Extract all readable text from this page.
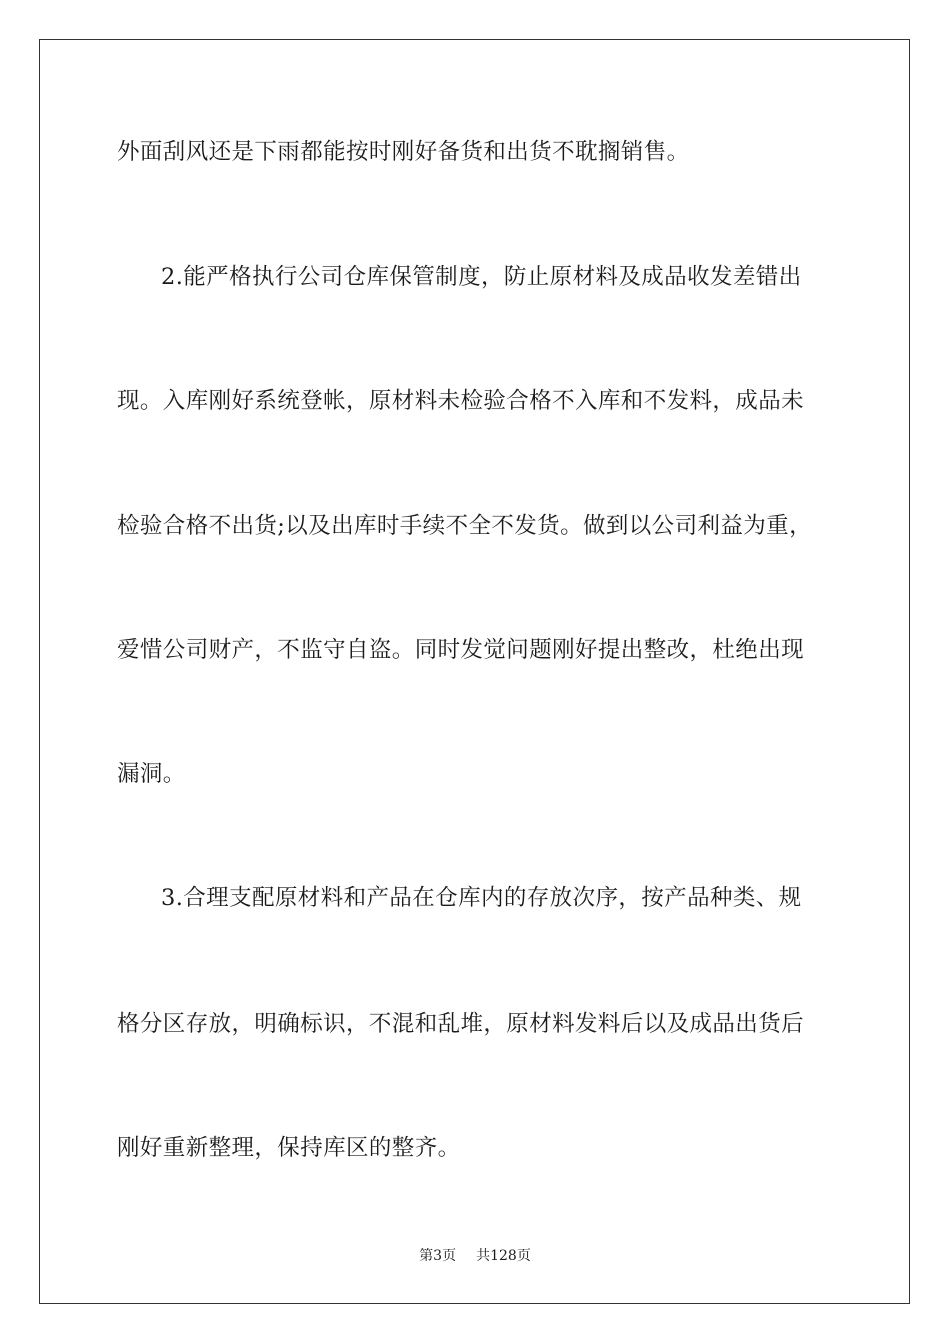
外面刮风还是下雨都能按时刚好备货和出货不耽搁销售。
2.能严格执行公司仓库保管制度，防止原材料及成品收发差错出
现。入库刚好系统登帐，原材料未检验合格不入库和不发料，成品未
检验合格不出货;以及出库时手续不全不发货。做到以公司利益为重，
爱惜公司财产，不监守自盗。同时发觉问题刚好提出整改，杜绝出现
漏洞。
3.合理支配原材料和产品在仓库内的存放次序，按产品种类、规
格分区存放，明确标识，不混和乱堆，原材料发料后以及成品出货后
刚好重新整理，保持库区的整齐。
第3页 共128页
